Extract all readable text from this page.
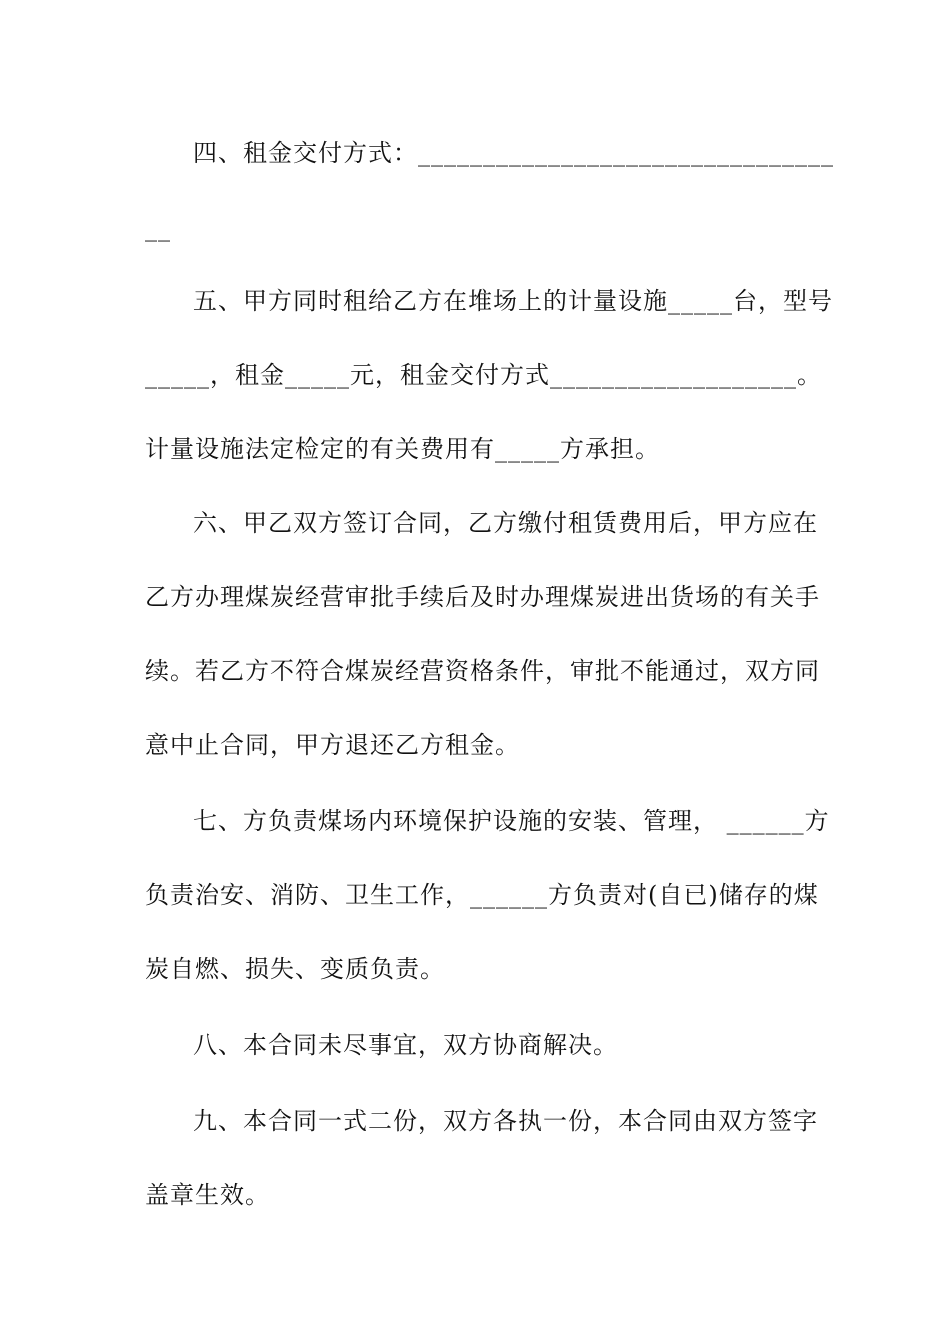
四、租金交付方式：________________________________
__
五、甲方同时租给乙方在堆场上的计量设施_____台，型号
_____，租金_____元，租金交付方式___________________。
计量设施法定检定的有关费用有_____方承担。
六、甲乙双方签订合同，乙方缴付租赁费用后，甲方应在
乙方办理煤炭经营审批手续后及时办理煤炭进出货场的有关手
续。若乙方不符合煤炭经营资格条件，审批不能通过，双方同
意中止合同，甲方退还乙方租金。
七、方负责煤场内环境保护设施的安装、管理， ______方
负责治安、消防、卫生工作，______方负责对(自已)储存的煤
炭自燃、损失、变质负责。
八、本合同未尽事宜，双方协商解决。
九、本合同一式二份，双方各执一份，本合同由双方签字
盖章生效。
